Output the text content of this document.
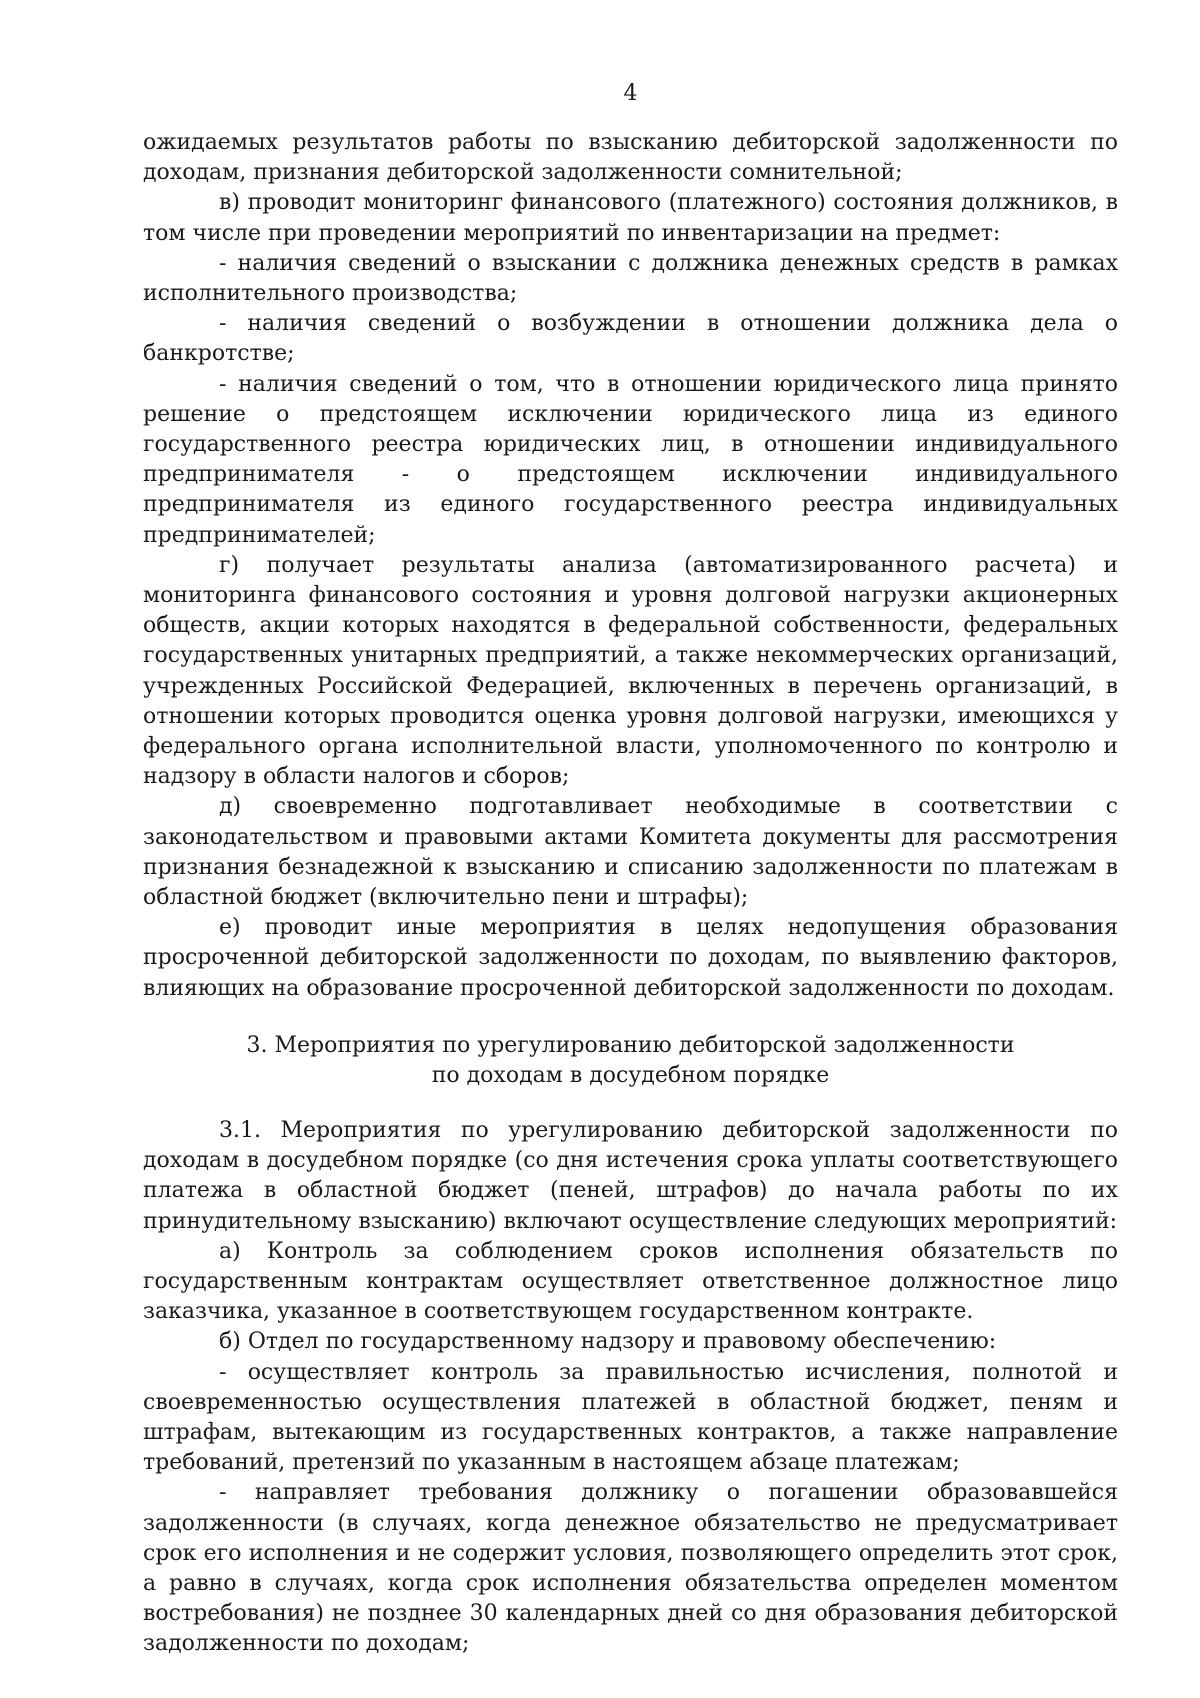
4

ожидаемых результатов работы по взысканию дебиторской задолженности по доходам, признания дебиторской задолженности сомнительной;

в) проводит мониторинг финансового (платежного) состояния должников, в том числе при проведении мероприятий по инвентаризации на предмет:

- наличия сведений о взыскании с должника денежных средств в рамках исполнительного производства;

- наличия сведений о возбуждении в отношении должника дела о банкротстве;

- наличия сведений о том, что в отношении юридического лица принято решение о предстоящем исключении юридического лица из единого государственного реестра юридических лиц, в отношении индивидуального предпринимателя - о предстоящем исключении индивидуального предпринимателя из единого государственного реестра индивидуальных предпринимателей;

г) получает результаты анализа (автоматизированного расчета) и мониторинга финансового состояния и уровня долговой нагрузки акционерных обществ, акции которых находятся в федеральной собственности, федеральных государственных унитарных предприятий, а также некоммерческих организаций, учрежденных Российской Федерацией, включенных в перечень организаций, в отношении которых проводится оценка уровня долговой нагрузки, имеющихся у федерального органа исполнительной власти, уполномоченного по контролю и надзору в области налогов и сборов;

д) своевременно подготавливает необходимые в соответствии с законодательством и правовыми актами Комитета документы для рассмотрения признания безнадежной к взысканию и списанию задолженности по платежам в областной бюджет (включительно пени и штрафы);

е) проводит иные мероприятия в целях недопущения образования просроченной дебиторской задолженности по доходам, по выявлению факторов, влияющих на образование просроченной дебиторской задолженности по доходам.

3. Мероприятия по урегулированию дебиторской задолженности
по доходам в досудебном порядке

3.1. Мероприятия по урегулированию дебиторской задолженности по доходам в досудебном порядке (со дня истечения срока уплаты соответствующего платежа в областной бюджет (пеней, штрафов) до начала работы по их принудительному взысканию) включают осуществление следующих мероприятий:

а) Контроль за соблюдением сроков исполнения обязательств по государственным контрактам осуществляет ответственное должностное лицо заказчика, указанное в соответствующем государственном контракте.

б) Отдел по государственному надзору и правовому обеспечению:

- осуществляет контроль за правильностью исчисления, полнотой и своевременностью осуществления платежей в областной бюджет, пеням и штрафам, вытекающим из государственных контрактов, а также направление требований, претензий по указанным в настоящем абзаце платежам;

- направляет требования должнику о погашении образовавшейся задолженности (в случаях, когда денежное обязательство не предусматривает срок его исполнения и не содержит условия, позволяющего определить этот срок, а равно в случаях, когда срок исполнения обязательства определен моментом востребования) не позднее 30 календарных дней со дня образования дебиторской задолженности по доходам;
